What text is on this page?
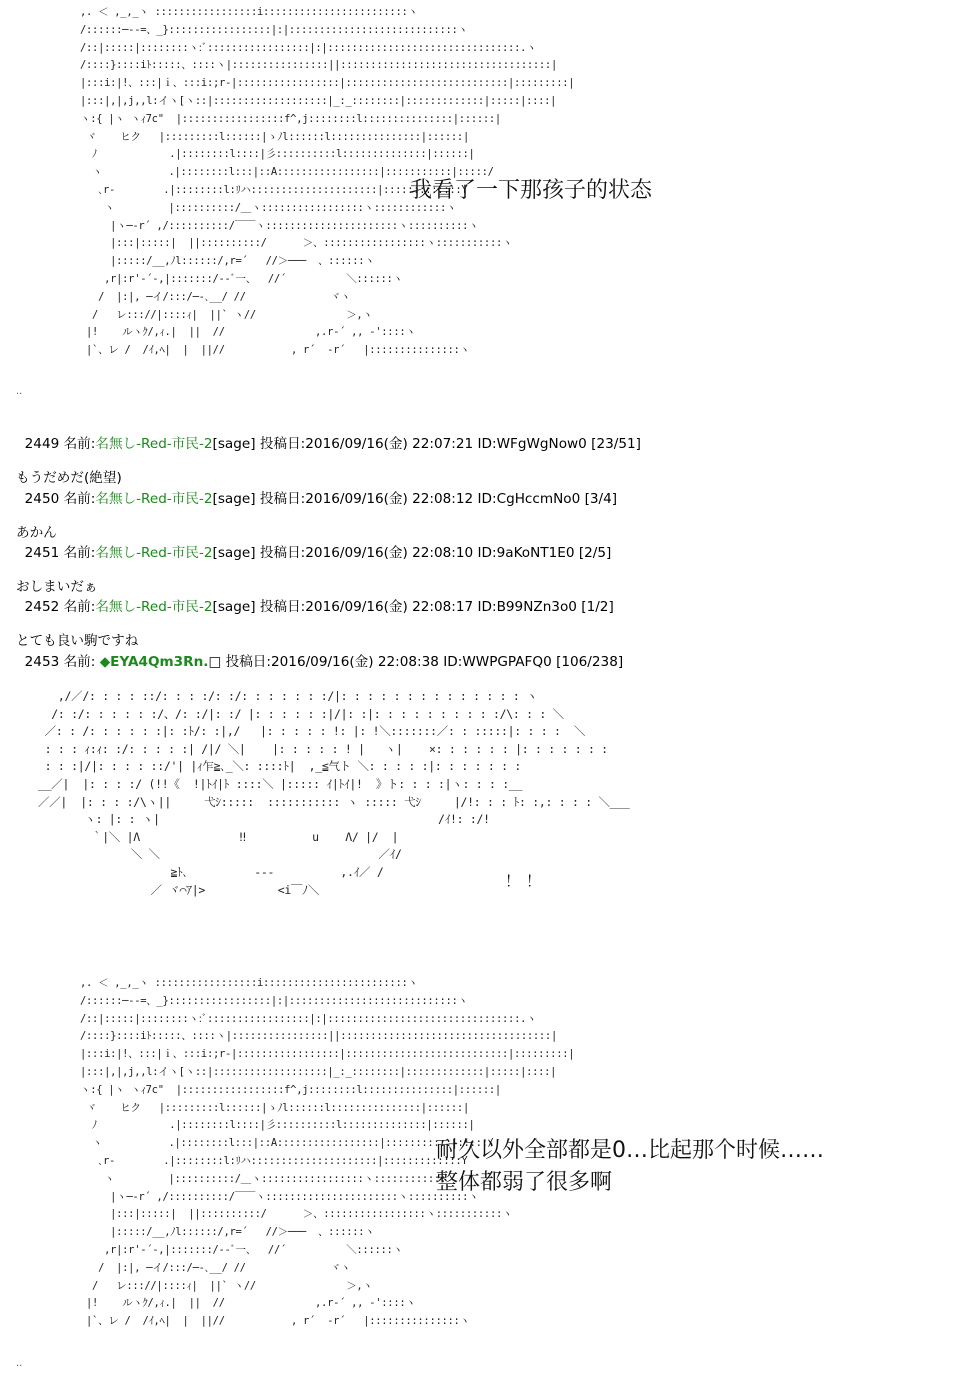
,. ＜ ,_,_ヽ :::::::::::::::::i::::::::::::::::::::::::ヽ
/::::::─-‐=、_}:::::::::::::::::|:|::::::::::::::::::::::::::::ヽ
/::|:::::|::::::::ヽ:ﾞ:::::::::::::::::|:|::::::::::::::::::::::::::::::::.ヽ
/::::}::::iﾄ:::::、::::ヽ|::::::::::::::::||:::::::::::::::::::::::::::::::::::|
|:::i:|!、:::|ｉ、:::i:;r‐|:::::::::::::::::|:::::::::::::::::::::::::::|:::::::::|
|:::|,|,j,,l:イヽ[ヽ::|:::::::::::::::::::|_:_::::::::|:::::::::::::|:::::|::::|
ヽ:{ |ヽ ヽｨ7c"  |:::::::::::::::::f^,j::::::::l:::::::::::::::|::::::|
ヾ    ヒク   |:::::::::l::::::|ゝﾉl::::::l:::::::::::::::|::::::|
ﾉ            .|::::::::l::::|彡::::::::::l::::::::::::::|::::::|
ヽ           .|::::::::l:::|::A:::::::::::::::::|:::::::::::|:::::/
､r‐        .|::::::::l:ﾘハ:::::::::::::::::::::|:::::::::::::Y
ヽ         |::::::::::/＿ヽ:::::::::::::::::ヽ::::::::::::ヽ
|ヽ─-r´ ,/::::::::::/￣￣ヽ::::::::::::::::::::::ヽ::::::::::ヽ
|:::|:::::|  ||::::::::::/      ＞、:::::::::::::::::ヽ:::::::::::ヽ
|:::::/__,ﾉl::::::/,r=´   //＞───  、::::::ヽ
,r|:r'‐´-,|:::::::/-‐ﾞ一、  //´          ＼::::::ヽ
/  |:|, ─イ/:::/─-､__/ //              ヾヽ
/   レ::://|::::ｨ|  ||` ヽ//               ＞,ヽ
|!    ルヽｸ/,ｨ.|  ||  //               ,.r‐´ ,, -'::::ヽ
|`、レ /  /ｲ,ﾍ|  |  ||//           , r´  ‐r´   |:::::::::::::::ヽ
我看了一下那孩子的状态
..

2449 名前:名無し-Red-市民-2[sage] 投稿日:2016/09/16(金) 22:07:21 ID:WFgWgNow0 [23/51]

もうだめだ(絶望)

2450 名前:名無し-Red-市民-2[sage] 投稿日:2016/09/16(金) 22:08:12 ID:CgHccmNo0 [3/4]

あかん

2451 名前:名無し-Red-市民-2[sage] 投稿日:2016/09/16(金) 22:08:10 ID:9aKoNT1E0 [2/5]

おしまいだぁ

2452 名前:名無し-Red-市民-2[sage] 投稿日:2016/09/16(金) 22:08:17 ID:B99NZn3o0 [1/2]

とても良い駒ですね

2453 名前: ◆EYA4Qm3Rn.□ 投稿日:2016/09/16(金) 22:08:38 ID:WWPGPAFQ0 [106/238]

,/／/: : : : ::/: : : :/: :/: : : : : : :/|: : : : : : : : : : : : : : ヽ
/: :/: : : : : :/、/: :/|: :/ |: : : : : :|/|: :|: : : : : : : : : :/\: : : ＼
／: : /: : : : : :|: :ﾄ/: :|,/   |: : : : : !: |: !＼:::::::／: : :::::|: : : :  ＼
: : : ｨ:ｨ: :/: : : : :| /|/ ＼|    |: : : : : ! |   ヽ|    ×: : : : : : |: : : : : : :
: : :|/|: : : : ::/'| |ｨ乍≧､_＼: ::::ﾄ|  ,_≦气ト ＼: : : : :|: : : : : : :
__／|  |: : : :/ (!!《  !|ﾄｲ|ﾄ ::::＼ |::::: ｲ|ﾄｲ|!  》ト: : : :|ヽ: : : :__
／／|  |: : : :/\ヽ||     弋ｼ:::::  ::::::::::: ヽ ::::: 弋ｼ     |/!: : : ﾄ: :,: : : : ＼___
ヽ: |: : ヽ|                                          /ｲ!: :/!
｀|＼ |Λ               ‼          u    Λ/ |/  |
＼ ＼                                 ／ｲ/
≧ﾄ､          -‐‐          ,.ｲ／ /
／ ヾ⌒ｱ|>           <i￣ﾉ＼	！！
,. ＜ ,_,_ヽ :::::::::::::::::i::::::::::::::::::::::::ヽ
/::::::─-‐=、_}:::::::::::::::::|:|::::::::::::::::::::::::::::ヽ
/::|:::::|::::::::ヽ:ﾞ:::::::::::::::::|:|::::::::::::::::::::::::::::::::.ヽ
/::::}::::iﾄ:::::、::::ヽ|::::::::::::::::||:::::::::::::::::::::::::::::::::::|
|:::i:|!、:::|ｉ、:::i:;r‐|:::::::::::::::::|:::::::::::::::::::::::::::|:::::::::|
|:::|,|,j,,l:イヽ[ヽ::|:::::::::::::::::::|_:_::::::::|:::::::::::::|:::::|::::|
ヽ:{ |ヽ ヽｨ7c"  |:::::::::::::::::f^,j::::::::l:::::::::::::::|::::::|
ヾ    ヒク   |:::::::::l::::::|ゝﾉl::::::l:::::::::::::::|::::::|
ﾉ            .|::::::::l::::|彡::::::::::l::::::::::::::|::::::|
ヽ           .|::::::::l:::|::A:::::::::::::::::|:::::::::::|:::::/
､r‐        .|::::::::l:ﾘハ:::::::::::::::::::::|:::::::::::::Y
ヽ         |::::::::::/＿ヽ:::::::::::::::::ヽ::::::::::::ヽ
|ヽ─-r´ ,/::::::::::/￣￣ヽ::::::::::::::::::::::ヽ::::::::::ヽ
|:::|:::::|  ||::::::::::/      ＞、:::::::::::::::::ヽ:::::::::::ヽ
|:::::/__,ﾉl::::::/,r=´   //＞───  、::::::ヽ
,r|:r'‐´-,|:::::::/-‐ﾞ一、  //´          ＼::::::ヽ
/  |:|, ─イ/:::/─-､__/ //              ヾヽ
/   レ::://|::::ｨ|  ||` ヽ//               ＞,ヽ
|!    ルヽｸ/,ｨ.|  ||  //               ,.r‐´ ,, -'::::ヽ
|`、レ /  /ｲ,ﾍ|  |  ||//           , r´  ‐r´   |:::::::::::::::ヽ
耐久以外全部都是0…比起那个时候……
整体都弱了很多啊
..
